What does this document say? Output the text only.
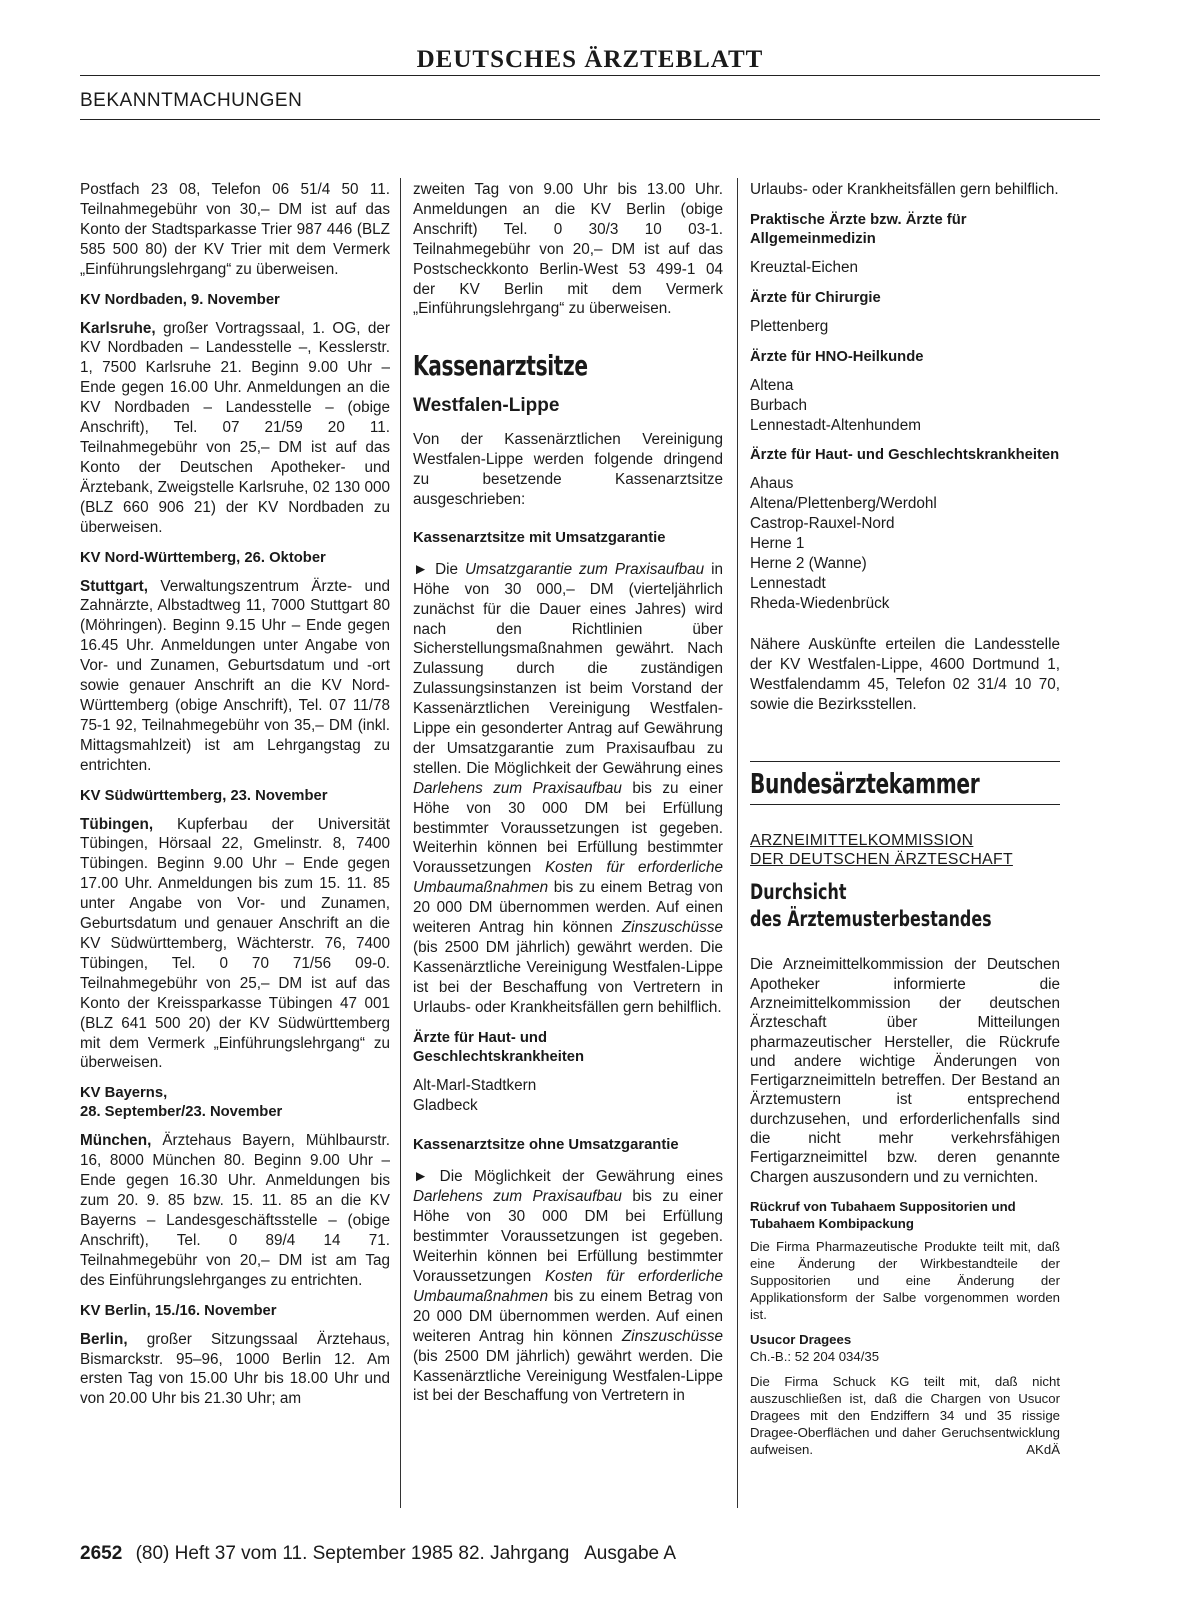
DEUTSCHES ÄRZTEBLATT
BEKANNTMACHUNGEN

Postfach 23 08, Telefon 06 51/4 50 11. Teilnahmegebühr von 30,– DM ist auf das Konto der Stadtsparkasse Trier 987 446 (BLZ 585 500 80) der KV Trier mit dem Vermerk „Einführungslehrgang“ zu überweisen.

KV Nordbaden, 9. November

Karlsruhe, großer Vortragssaal, 1. OG, der KV Nordbaden – Landesstelle –, Kesslerstr. 1, 7500 Karlsruhe 21. Beginn 9.00 Uhr – Ende gegen 16.00 Uhr. Anmeldungen an die KV Nordbaden – Landesstelle – (obige Anschrift), Tel. 07 21/59 20 11. Teilnahmegebühr von 25,– DM ist auf das Konto der Deutschen Apotheker- und Ärztebank, Zweigstelle Karlsruhe, 02 130 000 (BLZ 660 906 21) der KV Nordbaden zu überweisen.

KV Nord-Württemberg, 26. Oktober

Stuttgart, Verwaltungszentrum Ärzte- und Zahnärzte, Albstadtweg 11, 7000 Stuttgart 80 (Möhringen). Beginn 9.15 Uhr – Ende gegen 16.45 Uhr. Anmeldungen unter Angabe von Vor- und Zunamen, Geburtsdatum und -ort sowie genauer Anschrift an die KV Nord-Württemberg (obige Anschrift), Tel. 07 11/78 75-1 92, Teilnahmegebühr von 35,– DM (inkl. Mittagsmahlzeit) ist am Lehrgangstag zu entrichten.

KV Südwürttemberg, 23. November

Tübingen, Kupferbau der Universität Tübingen, Hörsaal 22, Gmelinstr. 8, 7400 Tübingen. Beginn 9.00 Uhr – Ende gegen 17.00 Uhr. Anmeldungen bis zum 15. 11. 85 unter Angabe von Vor- und Zunamen, Geburtsdatum und genauer Anschrift an die KV Südwürttemberg, Wächterstr. 76, 7400 Tübingen, Tel. 0 70 71/56 09-0. Teilnahmegebühr von 25,– DM ist auf das Konto der Kreissparkasse Tübingen 47 001 (BLZ 641 500 20) der KV Südwürttemberg mit dem Vermerk „Einführungslehrgang“ zu überweisen.

KV Bayerns,
28. September/23. November

München, Ärztehaus Bayern, Mühlbaurstr. 16, 8000 München 80. Beginn 9.00 Uhr – Ende gegen 16.30 Uhr. Anmeldungen bis zum 20. 9. 85 bzw. 15. 11. 85 an die KV Bayerns – Landesgeschäftsstelle – (obige Anschrift), Tel. 0 89/4 14 71. Teilnahmegebühr von 20,– DM ist am Tag des Einführungslehrganges zu entrichten.

KV Berlin, 15./16. November

Berlin, großer Sitzungssaal Ärztehaus, Bismarckstr. 95–96, 1000 Berlin 12. Am ersten Tag von 15.00 Uhr bis 18.00 Uhr und von 20.00 Uhr bis 21.30 Uhr; am

zweiten Tag von 9.00 Uhr bis 13.00 Uhr. Anmeldungen an die KV Berlin (obige Anschrift) Tel. 0 30/3 10 03-1. Teilnahmegebühr von 20,– DM ist auf das Postscheckkonto Berlin-West 53 499-1 04 der KV Berlin mit dem Vermerk „Einführungslehrgang“ zu überweisen.

Kassenarztsitze
Westfalen-Lippe

Von der Kassenärztlichen Vereinigung Westfalen-Lippe werden folgende dringend zu besetzende Kassenarztsitze ausgeschrieben:

Kassenarztsitze mit Umsatzgarantie

► Die Umsatzgarantie zum Praxisaufbau in Höhe von 30 000,– DM (vierteljährlich zunächst für die Dauer eines Jahres) wird nach den Richtlinien über Sicherstellungsmaßnahmen gewährt. Nach Zulassung durch die zuständigen Zulassungsinstanzen ist beim Vorstand der Kassenärztlichen Vereinigung Westfalen-Lippe ein gesonderter Antrag auf Gewährung der Umsatzgarantie zum Praxisaufbau zu stellen. Die Möglichkeit der Gewährung eines Darlehens zum Praxisaufbau bis zu einer Höhe von 30 000 DM bei Erfüllung bestimmter Voraussetzungen ist gegeben. Weiterhin können bei Erfüllung bestimmter Voraussetzungen Kosten für erforderliche Umbaumaßnahmen bis zu einem Betrag von 20 000 DM übernommen werden. Auf einen weiteren Antrag hin können Zinszuschüsse (bis 2500 DM jährlich) gewährt werden. Die Kassenärztliche Vereinigung Westfalen-Lippe ist bei der Beschaffung von Vertretern in Urlaubs- oder Krankheitsfällen gern behilflich.

Ärzte für Haut- und
Geschlechtskrankheiten
Alt-Marl-Stadtkern
Gladbeck
Kassenarztsitze ohne Umsatzgarantie

► Die Möglichkeit der Gewährung eines Darlehens zum Praxisaufbau bis zu einer Höhe von 30 000 DM bei Erfüllung bestimmter Voraussetzungen ist gegeben. Weiterhin können bei Erfüllung bestimmter Voraussetzungen Kosten für erforderliche Umbaumaßnahmen bis zu einem Betrag von 20 000 DM übernommen werden. Auf einen weiteren Antrag hin können Zinszuschüsse (bis 2500 DM jährlich) gewährt werden. Die Kassenärztliche Vereinigung Westfalen-Lippe ist bei der Beschaffung von Vertretern in

Urlaubs- oder Krankheitsfällen gern behilflich.

Praktische Ärzte bzw. Ärzte für Allgemeinmedizin
Kreuztal-Eichen
Ärzte für Chirurgie
Plettenberg
Ärzte für HNO-Heilkunde
Altena
Burbach
Lennestadt-Altenhundem
Ärzte für Haut- und Geschlechtskrankheiten
Ahaus
Altena/Plettenberg/Werdohl
Castrop-Rauxel-Nord
Herne 1
Herne 2 (Wanne)
Lennestadt
Rheda-Wiedenbrück

Nähere Auskünfte erteilen die Landesstelle der KV Westfalen-Lippe, 4600 Dortmund 1, Westfalendamm 45, Telefon 02 31/4 10 70, sowie die Bezirksstellen.

Bundesärztekammer
ARZNEIMITTELKOMMISSION
DER DEUTSCHEN ÄRZTESCHAFT
Durchsicht
des Ärztemusterbestandes

Die Arzneimittelkommission der Deutschen Apotheker informierte die Arzneimittelkommission der deutschen Ärzteschaft über Mitteilungen pharmazeutischer Hersteller, die Rückrufe und andere wichtige Änderungen von Fertigarzneimitteln betreffen. Der Bestand an Ärztemustern ist entsprechend durchzusehen, und erforderlichenfalls sind die nicht mehr verkehrsfähigen Fertigarzneimittel bzw. deren genannte Chargen auszusondern und zu vernichten.

Rückruf von Tubahaem Suppositorien und Tubahaem Kombipackung

Die Firma Pharmazeutische Produkte teilt mit, daß eine Änderung der Wirkbestandteile der Suppositorien und eine Änderung der Applikationsform der Salbe vorgenommen worden ist.

Usucor Dragees
Ch.-B.: 52 204 034/35

Die Firma Schuck KG teilt mit, daß nicht auszuschließen ist, daß die Chargen von Usucor Dragees mit den Endziffern 34 und 35 rissige Dragee-Oberflächen und daher Geruchsentwicklung aufweisen.	AKdÄ
2652 (80) Heft 37 vom 11. September 1985 82. Jahrgang   Ausgabe A
